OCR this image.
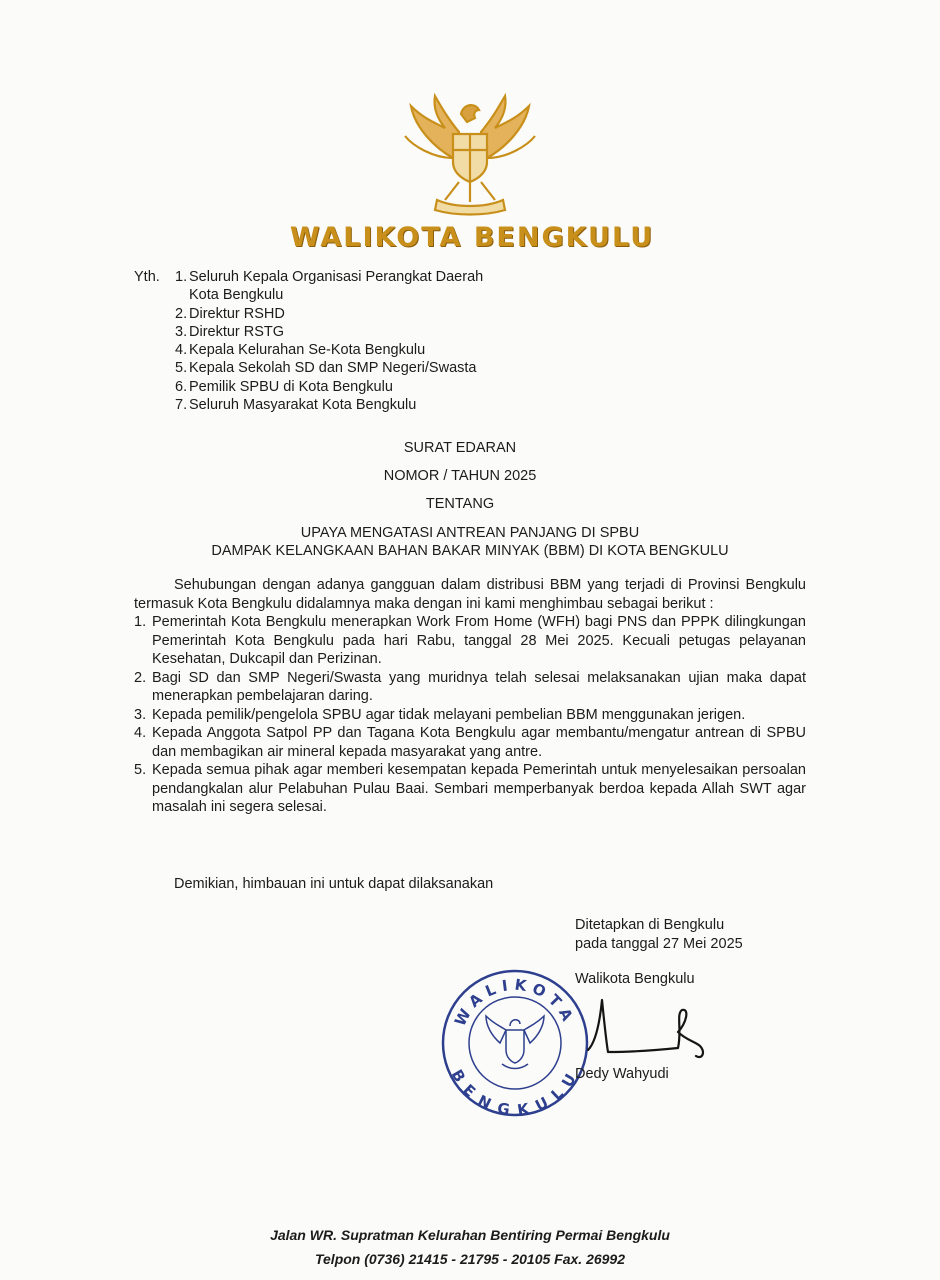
WALIKOTA BENGKULU
Yth.	1. Seluruh Kepala Organisasi Perangkat Daerah
Kota Bengkulu
2. Direktur RSHD
3. Direktur RSTG
4. Kepala Kelurahan Se-Kota Bengkulu
5. Kepala Sekolah SD dan SMP Negeri/Swasta
6. Pemilik SPBU di Kota Bengkulu
7. Seluruh Masyarakat Kota Bengkulu
SURAT EDARAN
NOMOR / TAHUN 2025
TENTANG
UPAYA MENGATASI ANTREAN PANJANG DI SPBU
DAMPAK KELANGKAAN BAHAN BAKAR MINYAK (BBM) DI KOTA BENGKULU

Sehubungan dengan adanya gangguan dalam distribusi BBM yang terjadi di Provinsi Bengkulu termasuk Kota Bengkulu didalamnya maka dengan ini kami menghimbau sebagai berikut :

1. Pemerintah Kota Bengkulu menerapkan Work From Home (WFH) bagi PNS dan PPPK dilingkungan Pemerintah Kota Bengkulu pada hari Rabu, tanggal 28 Mei 2025. Kecuali petugas pelayanan Kesehatan, Dukcapil dan Perizinan.
2. Bagi SD dan SMP Negeri/Swasta yang muridnya telah selesai melaksanakan ujian maka dapat menerapkan pembelajaran daring.
3. Kepada pemilik/pengelola SPBU agar tidak melayani pembelian BBM menggunakan jerigen.
4. Kepada Anggota Satpol PP dan Tagana Kota Bengkulu agar membantu/mengatur antrean di SPBU dan membagikan air mineral kepada masyarakat yang antre.
5. Kepada semua pihak agar memberi kesempatan kepada Pemerintah untuk menyelesaikan persoalan pendangkalan alur Pelabuhan Pulau Baai. Sembari memperbanyak berdoa kepada Allah SWT agar masalah ini segera selesai.
Demikian, himbauan ini untuk dapat dilaksanakan
Ditetapkan di Bengkulu
pada tanggal 27 Mei 2025
Walikota Bengkulu
WALIKOTA
BENGKULU
Dedy Wahyudi
Jalan WR. Supratman Kelurahan Bentiring Permai Bengkulu
Telpon (0736) 21415 - 21795 - 20105 Fax. 26992
